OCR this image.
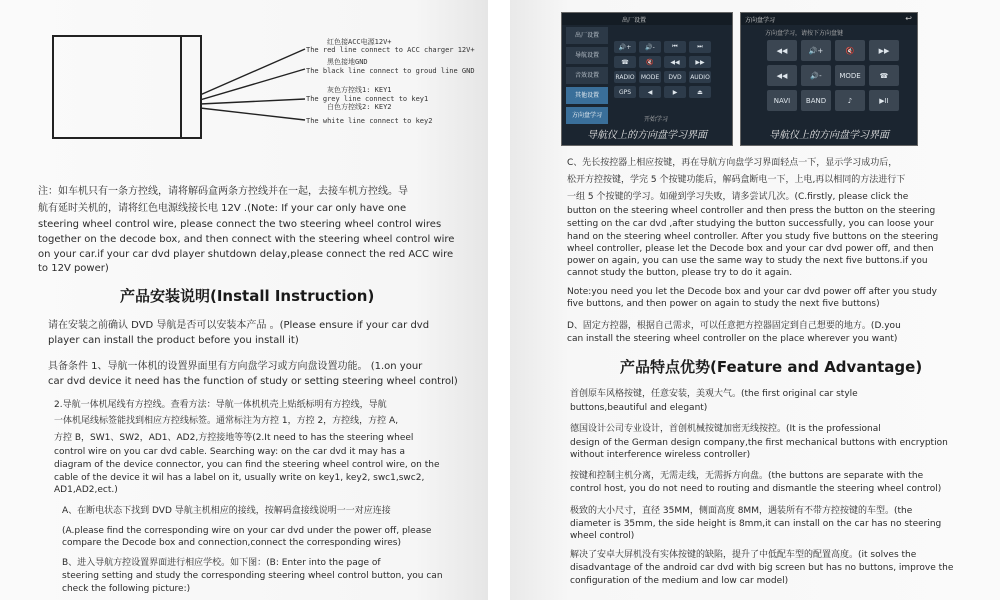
红色接ACC电源12V+
The red line connect to ACC charger 12V+
黑色接地GND
The black line connect to groud line GND
灰色方控线1: KEY1
The grey line connect to key1
白色方控线2: KEY2
The white line connect to key2
注：如车机只有一条方控线，请将解码盒两条方控线并在一起，去接车机方控线。导
航有延时关机的，请将红色电源线接长电 12V .(Note: If your car only have one
steering wheel control wire, please connect the two steering wheel control wires
together on the decode box, and then connect with the steering wheel control wire
on your car.if your car dvd player shutdown delay,please connect the red ACC wire
to 12V power)
产品安装说明(Install Instruction)
请在安装之前确认 DVD 导航是否可以安装本产品 。(Please ensure if your car dvd
player can install the product before you install it)
具备条件 1、导航一体机的设置界面里有方向盘学习或方向盘设置功能。 (1.on your
car dvd device it need has the function of study or setting steering wheel control)
2.导航一体机尾线有方控线。查看方法：导航一体机机壳上贴纸标明有方控线，导航
一体机尾线标签能找到相应方控线标签。通常标注为方控 1，方控 2，方控线，方控 A,
方控 B，SW1、SW2，AD1、AD2,方控接地等等(2.It need to has the steering wheel
control wire on you car dvd cable. Searching way: on the car dvd it may has a
diagram of the device connector, you can find the steering wheel control wire, on the
cable of the device it wil has a label on it, usually write on key1, key2, swc1,swc2,
AD1,AD2,ect.)
A、在断电状态下找到 DVD 导航主机相应的接线，按解码盒接线说明一一对应连接
(A.please find the corresponding wire on your car dvd under the power off, please
compare the Decode box and connection,connect the corresponding wires)
B、进入导航方控设置界面进行相应学校。如下图：(B: Enter into the page of
steering setting and study the corresponding steering wheel control button, you can
check the following picture:)
出厂设置
出厂设置
导航设置
音效设置
其他设置
方向盘学习
🔊+	🔊-	⏮	⏭
☎	🔇	◀◀	▶▶
RADIO	MODE	DVD	AUDIO
GPS	◀	▶	⏏
开始学习
导航仪上的方向盘学习界面
方向盘学习	↩
方向盘学习，请按下方向盘键
◀◀	🔊+	🔇	▶▶
◀◀	🔊-	MODE	☎
NAVI	BAND	♪	▶II
导航仪上的方向盘学习界面
C、先长按控器上相应按键，再在导航方向盘学习界面轻点一下，显示学习成功后，
松开方控按键，学完 5 个按键功能后，解码盒断电一下，上电,再以相同的方法进行下
一组 5 个按键的学习。如碰到学习失败，请多尝试几次。(C.firstly, please click the
button on the steering wheel controller and then press the button on the steering
setting on the car dvd ,after studying the button successfully, you can loose your
hand on the steering wheel controller. After you study five buttons on the steering
wheel controller, please let the Decode box and your car dvd power off, and then
power on again, you can use the same way to study the next five buttons.if you
cannot study the button, please try to do it again.
Note:you need you let the Decode box and your car dvd power off after you study
five buttons, and then power on again to study the next five buttons)
D、固定方控器，根据自己需求，可以任意把方控器固定到自己想要的地方。(D.you
can install the steering wheel controller on the place wherever you want)
产品特点优势(Feature and Advantage)
首创原车风格按键，任意安装，美观大气。(the first original car style
buttons,beautiful and elegant)
德国设计公司专业设计，首创机械按键加密无线按控。(It is the professional
design of the German design company,the first mechanical buttons with encryption
without interference wireless controller)
按键和控制主机分离，无需走线，无需拆方向盘。(the buttons are separate with the
control host, you do not need to routing and dismantle the steering wheel control)
极致的大小尺寸，直径 35MM，侧面高度 8MM，遇装所有不带方控按键的车型。(the
diameter is 35mm, the side height is 8mm,it can install on the car has no steering
wheel control)
解决了安卓大屏机没有实体按键的缺陷，提升了中低配车型的配置高度。(it solves the
disadvantage of the android car dvd with big screen but has no buttons, improve the
configuration of the medium and low car model)
